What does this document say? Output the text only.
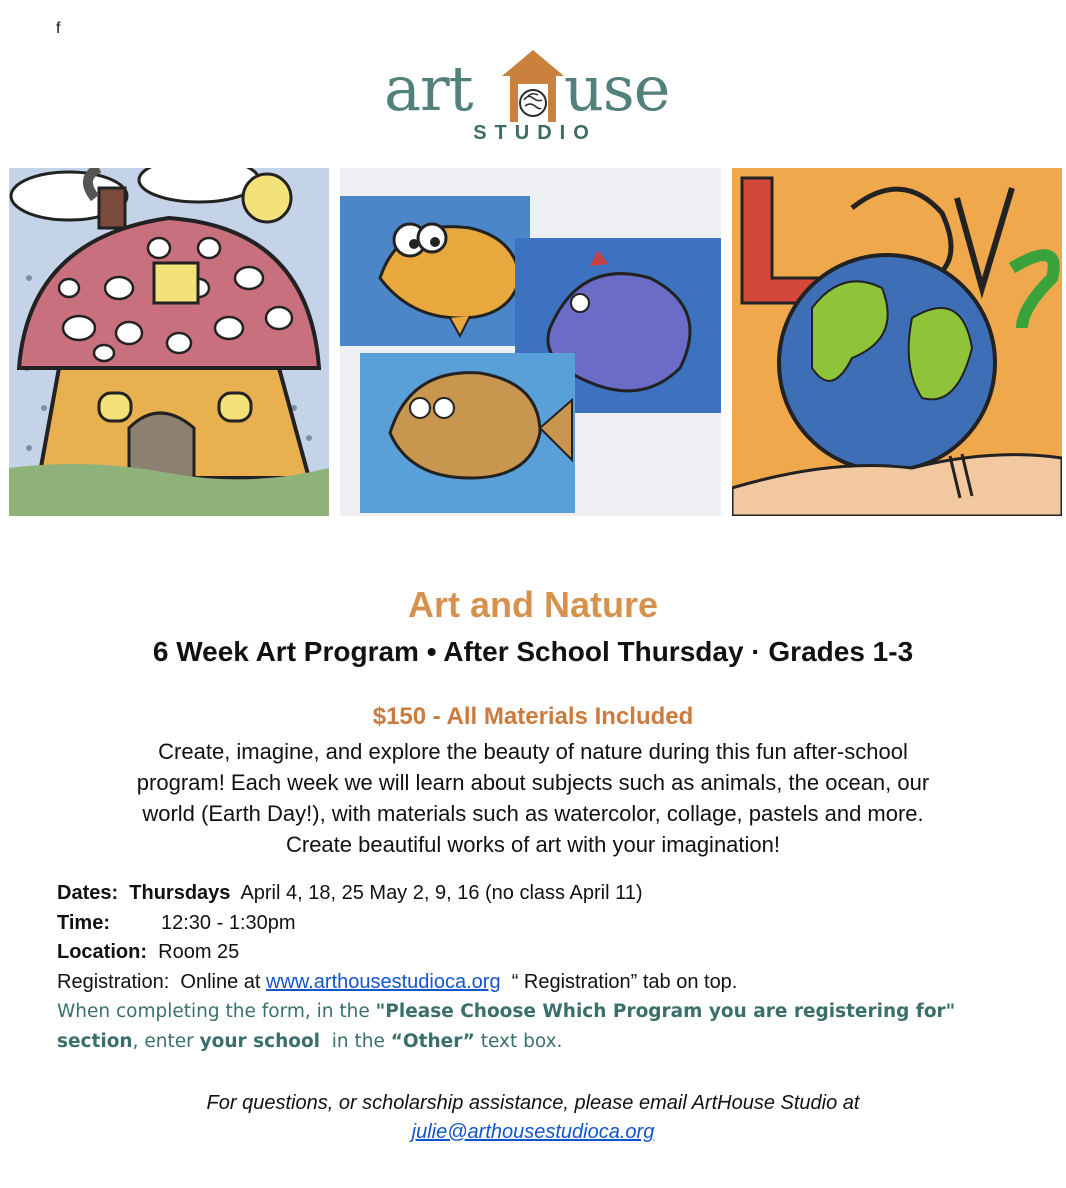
f
art use
STUDIO
Art and Nature
6 Week Art Program • After School Thursday · Grades 1-3
$150 - All Materials Included
Create, imagine, and explore the beauty of nature during this fun after-school
program! Each week we will learn about subjects such as animals, the ocean, our
world (Earth Day!), with materials such as watercolor, collage, pastels and more.
Create beautiful works of art with your imagination!
Dates: Thursdays April 4, 18, 25 May 2, 9, 16 (no class April 11)
Time:	12:30 - 1:30pm
Location: Room 25
Registration:  Online at www.arthousestudioca.org  “ Registration” tab on top.
When completing the form, in the "Please Choose Which Program you are registering for"
section, enter your school  in the “Other” text box.
For questions, or scholarship assistance, please email ArtHouse Studio at
julie@arthousestudioca.org
